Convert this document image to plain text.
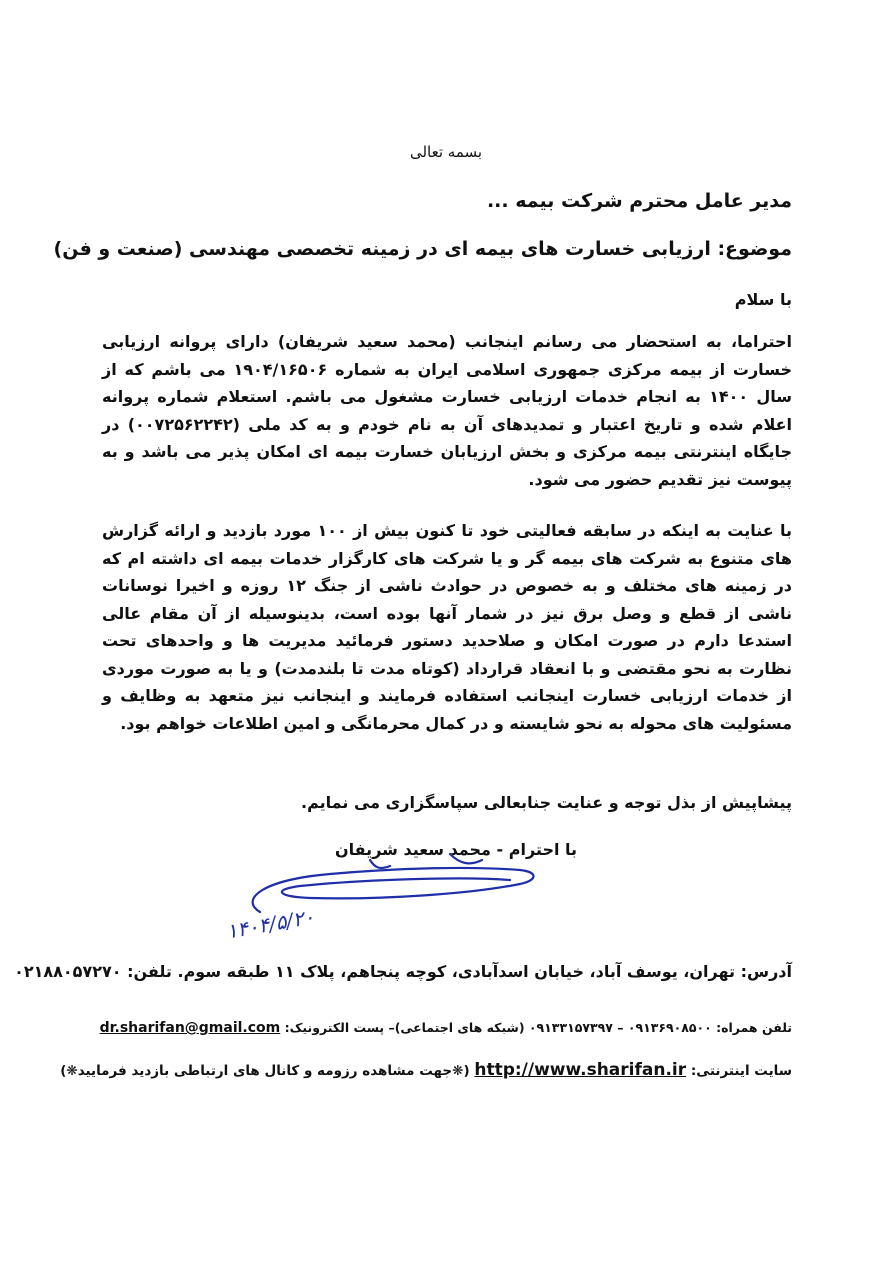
بسمه تعالی
مدیر عامل محترم شرکت بیمه ...
موضوع: ارزیابی خسارت های بیمه ای در زمینه تخصصی مهندسی (صنعت و فن)
با سلام
احتراما، به استحضار می رسانم اینجانب (محمد سعید شریفان) دارای پروانه ارزیابی خسارت از بیمه مرکزی جمهوری اسلامی ایران به شماره ۱۹۰۴/۱۶۵۰۶ می باشم که از سال ۱۴۰۰ به انجام خدمات ارزیابی خسارت مشغول می باشم. استعلام شماره پروانه اعلام شده و تاریخ اعتبار و تمدیدهای آن به نام خودم و به کد ملی (۰۰۷۲۵۶۲۲۴۲) در جایگاه اینترنتی بیمه مرکزی و بخش ارزیابان خسارت بیمه ای امکان پذیر می باشد و به پیوست نیز تقدیم حضور می شود.
با عنایت به اینکه در سابقه فعالیتی خود تا کنون بیش از ۱۰۰ مورد بازدید و ارائه گزارش های متنوع به شرکت های بیمه گر و یا شرکت های کارگزار خدمات بیمه ای داشته ام که در زمینه های مختلف و به خصوص در حوادث ناشی از جنگ ۱۲ روزه و اخیرا نوسانات ناشی از قطع و وصل برق نیز در شمار آنها بوده است، بدینوسیله از آن مقام عالی استدعا دارم در صورت امکان و صلاحدید دستور فرمائید مدیریت ها و واحدهای تحت نظارت به نحو مقتضی و با انعقاد قرارداد (کوتاه مدت تا بلندمدت) و یا به صورت موردی از خدمات ارزیابی خسارت اینجانب استفاده فرمایند و اینجانب نیز متعهد به وظایف و مسئولیت های محوله به نحو شایسته و در کمال محرمانگی و امین اطلاعات خواهم بود.
پیشاپیش از بذل توجه و عنایت جنابعالی سپاسگزاری می نمایم.
با احترام - محمد سعید شریفان
۱۴۰۴/۵/۲۰
آدرس: تهران، یوسف آباد، خیابان اسدآبادی، کوچه پنجاهم، پلاک ۱۱ طبقه سوم. تلفن: ۰۲۱۸۸۰۵۷۲۷۰
تلفن همراه: ۰۹۱۳۶۹۰۸۵۰۰ – ۰۹۱۳۳۱۵۷۳۹۷ (شبکه های اجتماعی)– پست الکترونیک: dr.sharifan@gmail.com
سایت اینترنتی: http://www.sharifan.ir (❋جهت مشاهده رزومه و کانال های ارتباطی بازدید فرمایید❋)
